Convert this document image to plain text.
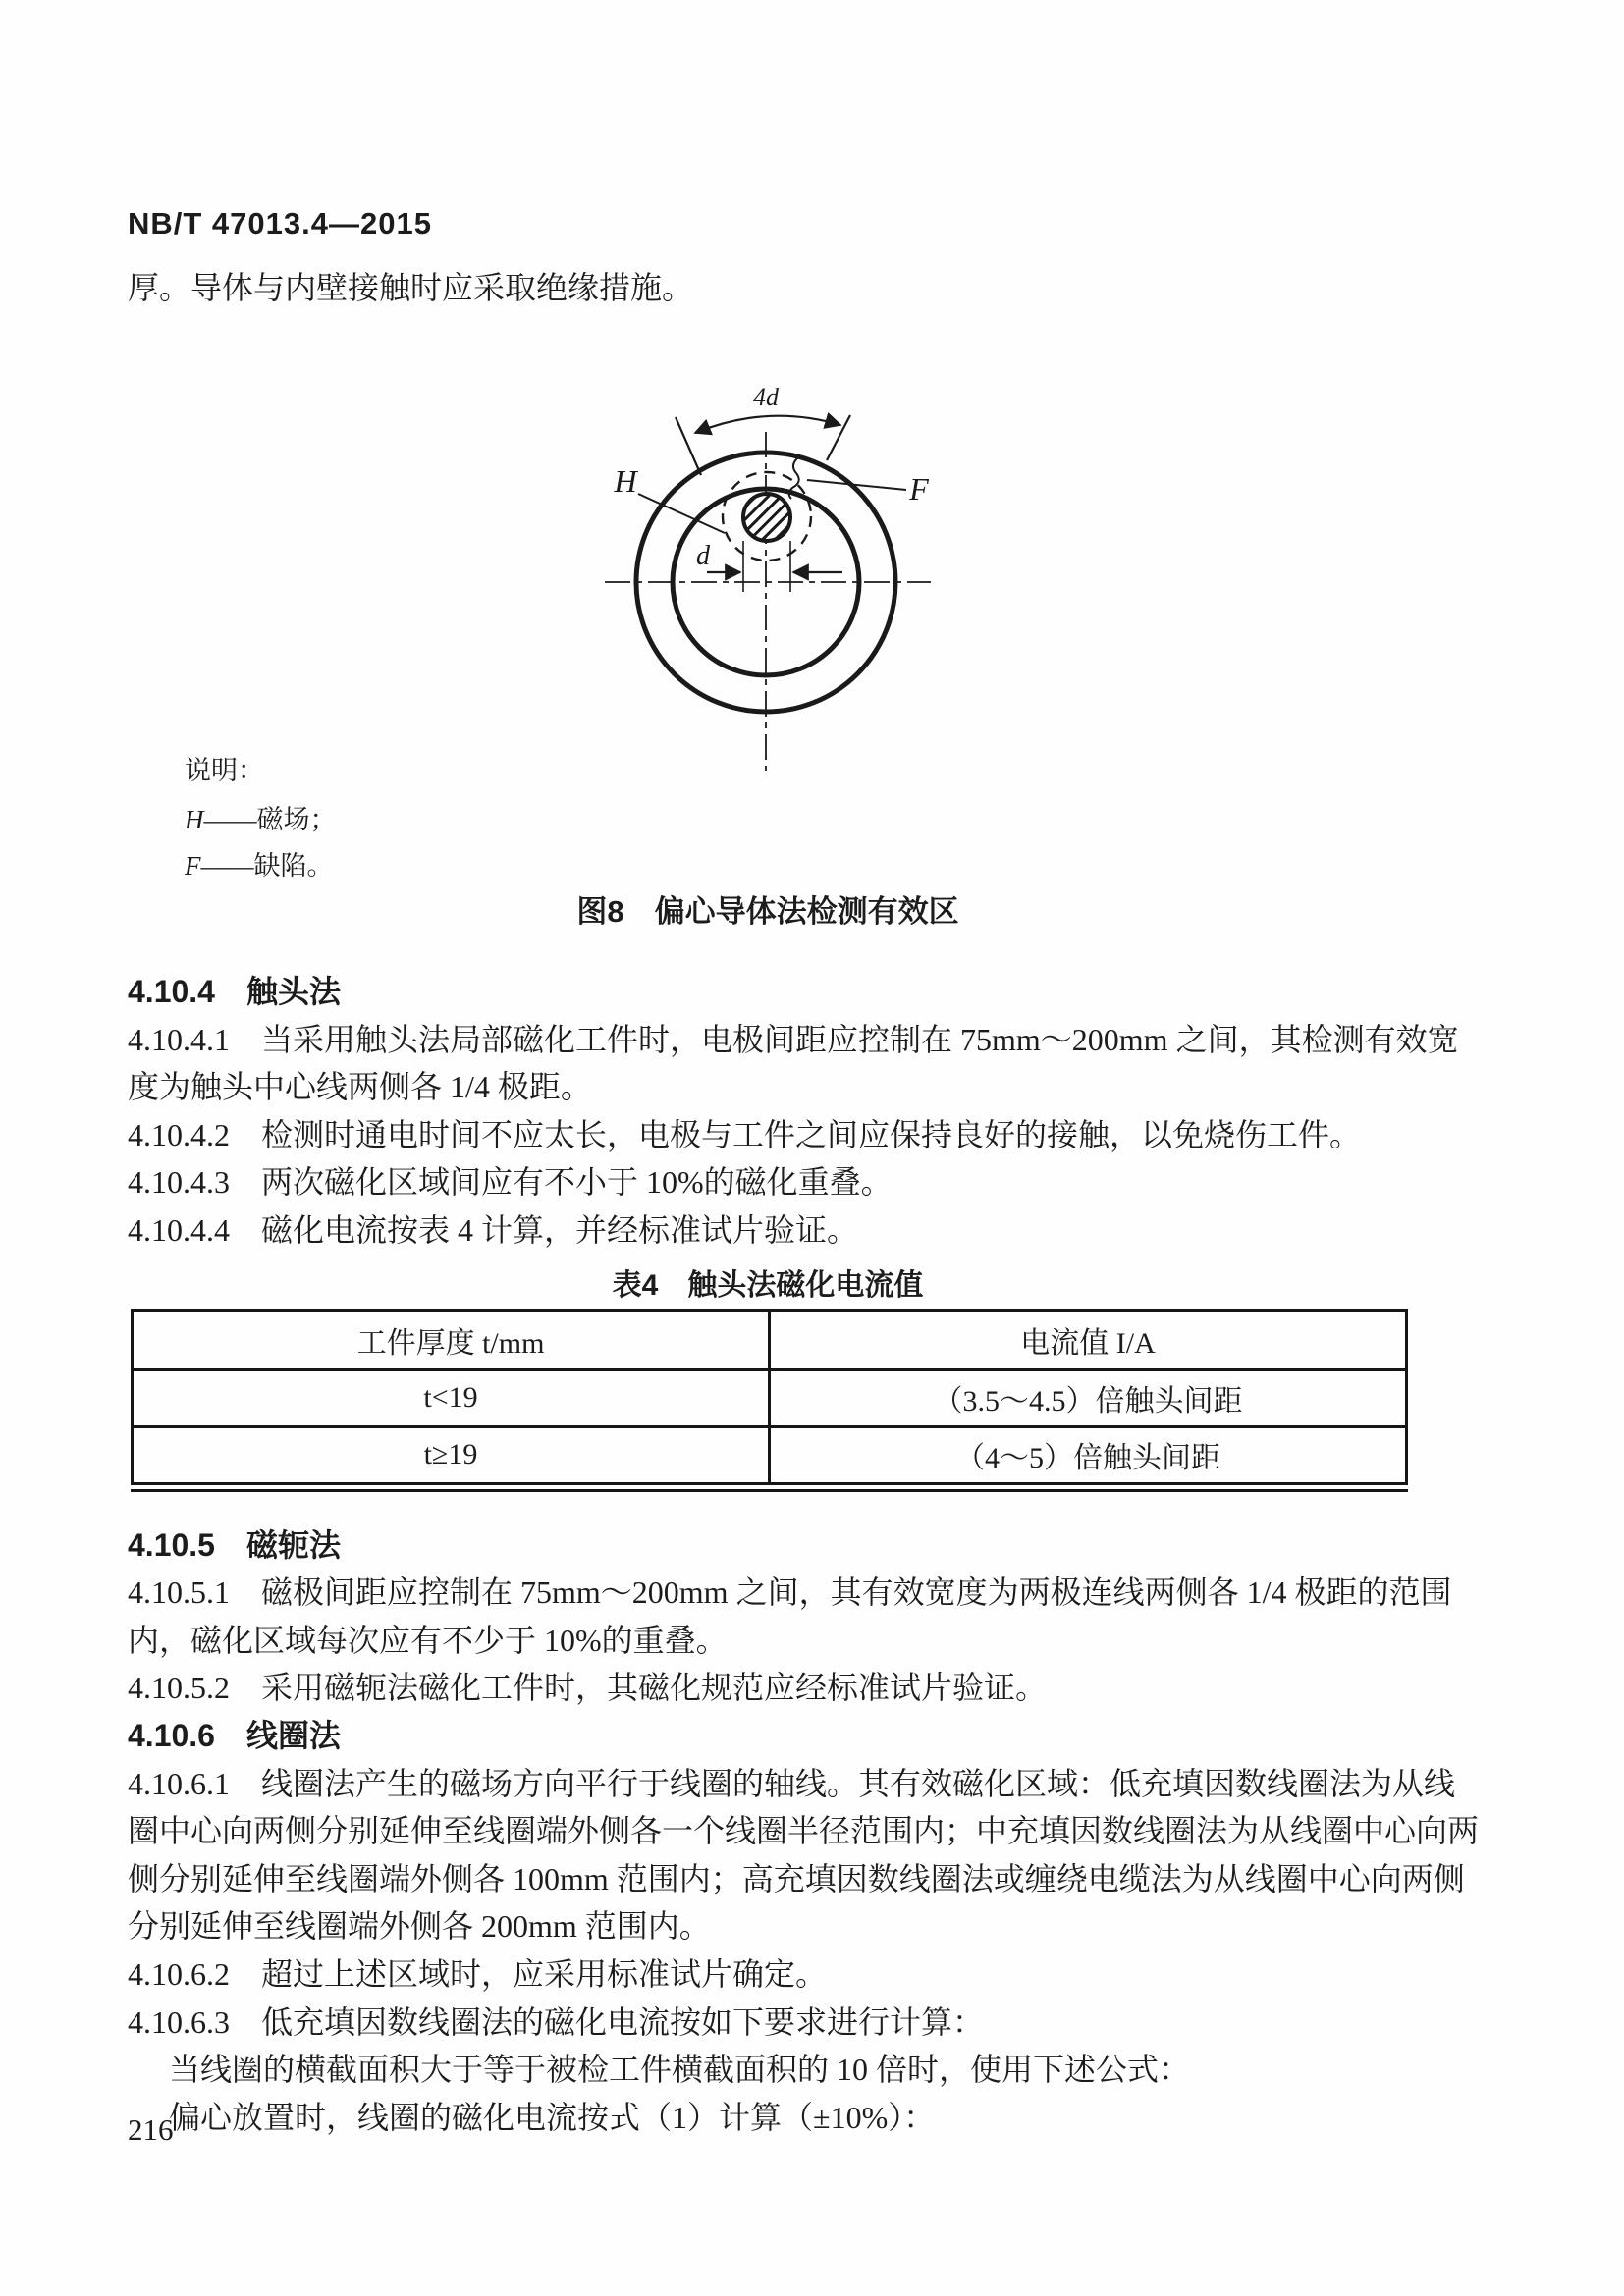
NB/T 47013.4—2015
厚。导体与内壁接触时应采取绝缘措施。
4d
H	F
d
说明：
H——磁场；
F——缺陷。
图8　偏心导体法检测有效区
4.10.4　触头法
4.10.4.1　当采用触头法局部磁化工件时，电极间距应控制在 75mm～200mm 之间，其检测有效宽
度为触头中心线两侧各 1/4 极距。
4.10.4.2　检测时通电时间不应太长，电极与工件之间应保持良好的接触，以免烧伤工件。
4.10.4.3　两次磁化区域间应有不小于 10%的磁化重叠。
4.10.4.4　磁化电流按表 4 计算，并经标准试片验证。
表4　触头法磁化电流值
工件厚度 t/mm	电流值 I/A
t<19	（3.5～4.5）倍触头间距
t≥19	（4～5）倍触头间距
4.10.5　磁轭法
4.10.5.1　磁极间距应控制在 75mm～200mm 之间，其有效宽度为两极连线两侧各 1/4 极距的范围
内，磁化区域每次应有不少于 10%的重叠。
4.10.5.2　采用磁轭法磁化工件时，其磁化规范应经标准试片验证。
4.10.6　线圈法
4.10.6.1　线圈法产生的磁场方向平行于线圈的轴线。其有效磁化区域：低充填因数线圈法为从线
圈中心向两侧分别延伸至线圈端外侧各一个线圈半径范围内；中充填因数线圈法为从线圈中心向两
侧分别延伸至线圈端外侧各 100mm 范围内；高充填因数线圈法或缠绕电缆法为从线圈中心向两侧
分别延伸至线圈端外侧各 200mm 范围内。
4.10.6.2　超过上述区域时，应采用标准试片确定。
4.10.6.3　低充填因数线圈法的磁化电流按如下要求进行计算：
当线圈的横截面积大于等于被检工件横截面积的 10 倍时，使用下述公式：
偏心放置时，线圈的磁化电流按式（1）计算（±10%）：
216
